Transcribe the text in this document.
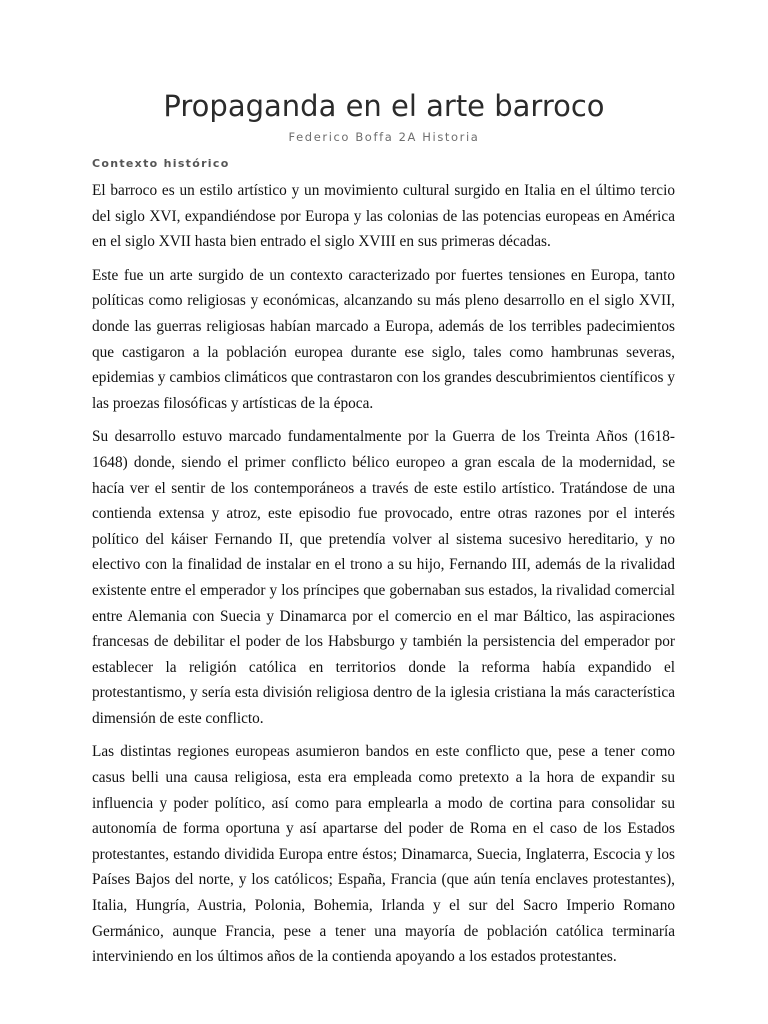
Propaganda en el arte barroco
Federico Boffa 2A Historia
Contexto histórico

El barroco es un estilo artístico y un movimiento cultural surgido en Italia en el último tercio del siglo XVI, expandiéndose por Europa y las colonias de las potencias europeas en América en el siglo XVII hasta bien entrado el siglo XVIII en sus primeras décadas.

Este fue un arte surgido de un contexto caracterizado por fuertes tensiones en Europa, tanto políticas como religiosas y económicas, alcanzando su más pleno desarrollo en el siglo XVII, donde las guerras religiosas habían marcado a Europa, además de los terribles padecimientos que castigaron a la población europea durante ese siglo, tales como hambrunas severas, epidemias y cambios climáticos que contrastaron con los grandes descubrimientos científicos y las proezas filosóficas y artísticas de la época.

Su desarrollo estuvo marcado fundamentalmente por la Guerra de los Treinta Años (1618-1648) donde, siendo el primer conflicto bélico europeo a gran escala de la modernidad, se hacía ver el sentir de los contemporáneos a través de este estilo artístico. Tratándose de una contienda extensa y atroz, este episodio fue provocado, entre otras razones por el interés político del káiser Fernando II, que pretendía volver al sistema sucesivo hereditario, y no electivo con la finalidad de instalar en el trono a su hijo, Fernando III, además de la rivalidad existente entre el emperador y los príncipes que gobernaban sus estados, la rivalidad comercial entre Alemania con Suecia y Dinamarca por el comercio en el mar Báltico, las aspiraciones francesas de debilitar el poder de los Habsburgo y también la persistencia del emperador por establecer la religión católica en territorios donde la reforma había expandido el protestantismo, y sería esta división religiosa dentro de la iglesia cristiana la más característica dimensión de este conflicto.

Las distintas regiones europeas asumieron bandos en este conflicto que, pese a tener como casus belli una causa religiosa, esta era empleada como pretexto a la hora de expandir su influencia y poder político, así como para emplearla a modo de cortina para consolidar su autonomía de forma oportuna y así apartarse del poder de Roma en el caso de los Estados protestantes, estando dividida Europa entre éstos; Dinamarca, Suecia, Inglaterra, Escocia y los Países Bajos del norte, y los católicos; España, Francia (que aún tenía enclaves protestantes), Italia, Hungría, Austria, Polonia, Bohemia, Irlanda y el sur del Sacro Imperio Romano Germánico, aunque Francia, pese a tener una mayoría de población católica terminaría interviniendo en los últimos años de la contienda apoyando a los estados protestantes.
